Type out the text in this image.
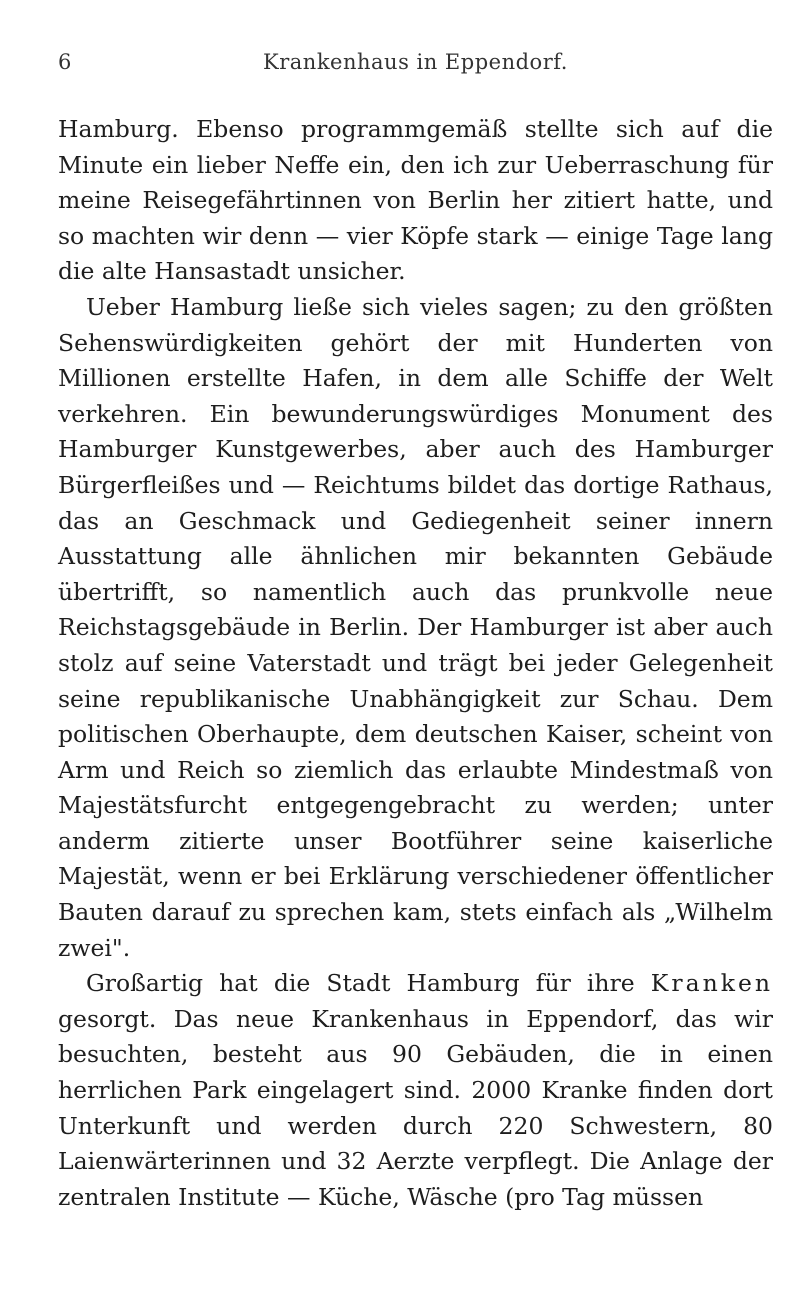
6	Krankenhaus in Eppendorf.

Hamburg. Ebenso programmgemäß stellte sich auf die Minute ein lieber Neffe ein, den ich zur Ueberraschung für meine Reisegefährtinnen von Berlin her zitiert hatte, und so machten wir denn — vier Köpfe stark — einige Tage lang die alte Hansastadt unsicher.

Ueber Hamburg ließe sich vieles sagen; zu den größten Sehenswürdigkeiten gehört der mit Hunderten von Millionen erstellte Hafen, in dem alle Schiffe der Welt verkehren. Ein bewunderungswürdiges Monument des Hamburger Kunstgewerbes, aber auch des Hamburger Bürgerfleißes und — Reichtums bildet das dortige Rathaus, das an Geschmack und Gediegenheit seiner innern Ausstattung alle ähnlichen mir bekannten Gebäude übertrifft, so namentlich auch das prunkvolle neue Reichstagsgebäude in Berlin. Der Hamburger ist aber auch stolz auf seine Vaterstadt und trägt bei jeder Gelegenheit seine republikanische Unabhängigkeit zur Schau. Dem politischen Oberhaupte, dem deutschen Kaiser, scheint von Arm und Reich so ziemlich das erlaubte Mindestmaß von Majestätsfurcht entgegengebracht zu werden; unter anderm zitierte unser Bootführer seine kaiserliche Majestät, wenn er bei Erklärung verschiedener öffentlicher Bauten darauf zu sprechen kam, stets einfach als „Wilhelm zwei".

Großartig hat die Stadt Hamburg für ihre Kranken gesorgt. Das neue Krankenhaus in Eppendorf, das wir besuchten, besteht aus 90 Gebäuden, die in einen herrlichen Park eingelagert sind. 2000 Kranke finden dort Unterkunft und werden durch 220 Schwestern, 80 Laienwärterinnen und 32 Aerzte verpflegt. Die Anlage der zentralen Institute — Küche, Wäsche (pro Tag müssen
